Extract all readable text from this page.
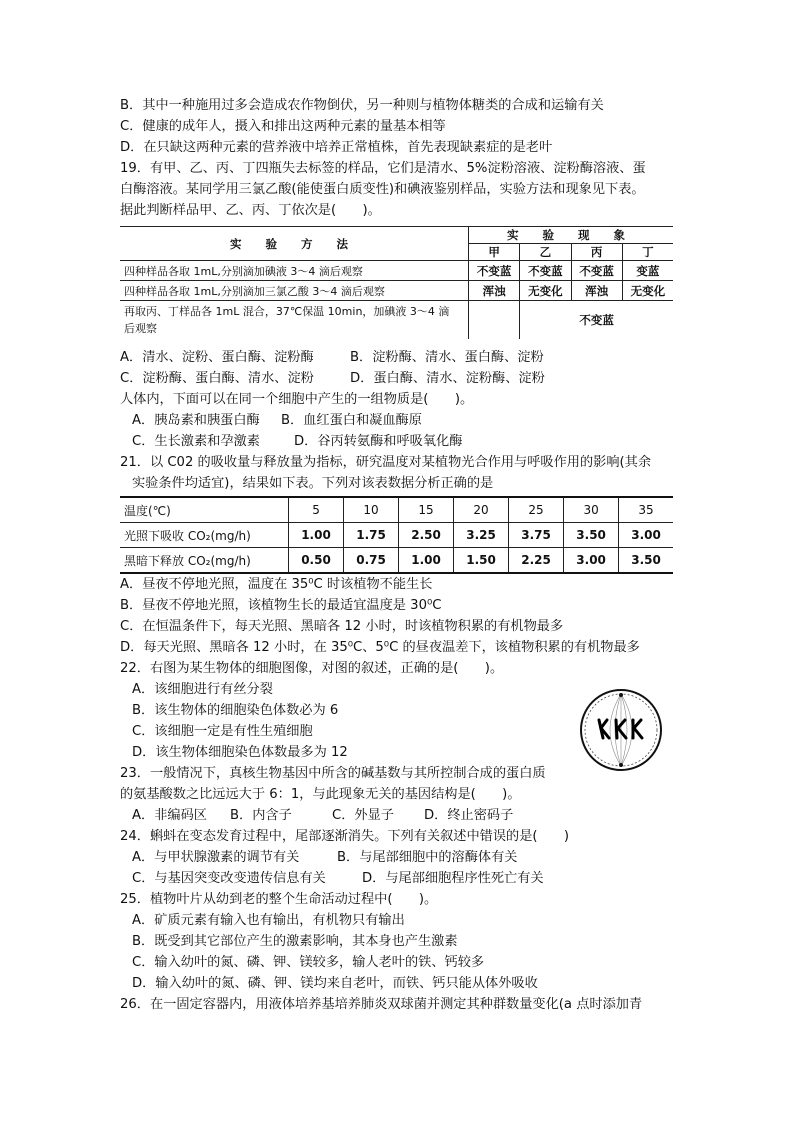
B．其中一种施用过多会造成农作物倒伏，另一种则与植物体糖类的合成和运输有关
C．健康的成年人，摄入和排出这两种元素的量基本相等
D．在只缺这两种元素的营养液中培养正常植株，首先表现缺素症的是老叶
19．有甲、乙、丙、丁四瓶失去标签的样品，它们是清水、5%淀粉溶液、淀粉酶溶液、蛋
白酶溶液。某同学用三氯乙酸(能使蛋白质变性)和碘液鉴别样品，实验方法和现象见下表。
据此判断样品甲、乙、丙、丁依次是(　　)。
实 验 方 法	实 验 现 象			
	甲	乙	丙	丁
四种样品各取 1mL,分别滴加碘液 3～4 滴后观察	不变蓝	不变蓝	不变蓝	变蓝
四种样品各取 1mL,分别滴加三氯乙酸 3～4 滴后观察	浑浊	无变化	浑浊	无变化
再取丙、丁样品各 1mL 混合，37℃保温 10min，加碘液 3～4 滴
后观察		不变蓝		
A．清水、淀粉、蛋白酶、淀粉酶	B．淀粉酶、清水、蛋白酶、淀粉
C．淀粉酶、蛋白酶、清水、淀粉	D．蛋白酶、清水、淀粉酶、淀粉
人体内，下面可以在同一个细胞中产生的一组物质是(　　)。
A．胰岛素和胰蛋白酶 B．血红蛋白和凝血酶原
C．生长激素和孕激素	D．谷丙转氨酶和呼吸氧化酶
21．以 C02 的吸收量与释放量为指标，研究温度对某植物光合作用与呼吸作用的影响(其余
实验条件均适宜)，结果如下表。下列对该表数据分析正确的是
温度(℃)	5	10	15	20	25	30	35
光照下吸收 CO₂(mg/h)	1.00	1.75	2.50	3.25	3.75	3.50	3.00
黑暗下释放 CO₂(mg/h)	0.50	0.75	1.00	1.50	2.25	3.00	3.50
A．昼夜不停地光照，温度在 35⁰C 时该植物不能生长
B．昼夜不停地光照，该植物生长的最适宜温度是 30⁰C
C．在恒温条件下，每天光照、黑暗各 12 小时，时该植物积累的有机物最多
D．每天光照、黑暗各 12 小时，在 35⁰C、5⁰C 的昼夜温差下，该植物积累的有机物最多
22．右图为某生物体的细胞图像，对图的叙述，正确的是(　　)。
A．该细胞进行有丝分裂
B．该生物体的细胞染色体数必为 6
C．该细胞一定是有性生殖细胞
D．该生物体细胞染色体数最多为 12
23．一般情况下，真核生物基因中所含的碱基数与其所控制合成的蛋白质
的氨基酸数之比远远大于 6：1，与此现象无关的基因结构是(　　)。
A．非编码区 B．内含子	C．外显子 D．终止密码子
24．蝌蚪在变态发育过程中，尾部逐渐消失。下列有关叙述中错误的是(　　)
A．与甲状腺激素的调节有关	B．与尾部细胞中的溶酶体有关
C．与基因突变改变遗传信息有关	D．与尾部细胞程序性死亡有关
25．植物叶片从幼到老的整个生命活动过程中(　　)。
A．矿质元素有输入也有输出，有机物只有输出
B．既受到其它部位产生的激素影响，其本身也产生激素
C．输入幼叶的氮、磷、钾、镁较多，输人老叶的铁、钙较多
D．输入幼叶的氮、磷、钾、镁均来自老叶，而铁、钙只能从体外吸收
26．在一固定容器内，用液体培养基培养肺炎双球菌并测定其种群数量变化(a 点时添加青
